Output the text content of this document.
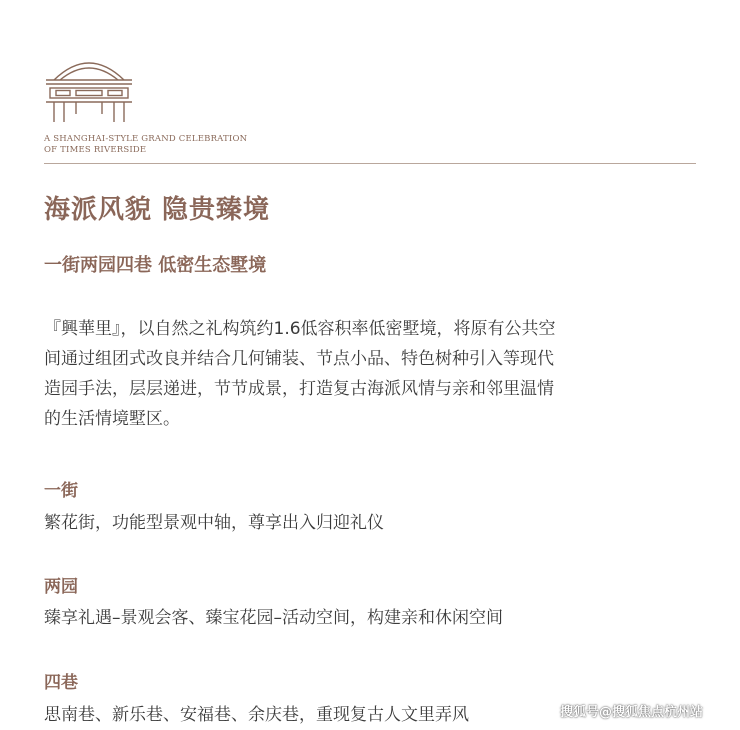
A SHANGHAI-STYLE GRAND CELEBRATION
OF TIMES RIVERSIDE
海派风貌 隐贵臻境
一街两园四巷 低密生态墅境
『興華里』，以自然之礼构筑约1.6低容积率低密墅境，将原有公共空
间通过组团式改良并结合几何铺装、节点小品、特色树种引入等现代
造园手法，层层递进，节节成景，打造复古海派风情与亲和邻里温情
的生活情境墅区。
一街
繁花街，功能型景观中轴，尊享出入归迎礼仪
两园
臻享礼遇–景观会客、臻宝花园–活动空间，构建亲和休闲空间
四巷
思南巷、新乐巷、安福巷、余庆巷，重现复古人文里弄风	搜狐号@搜狐焦点杭州站
